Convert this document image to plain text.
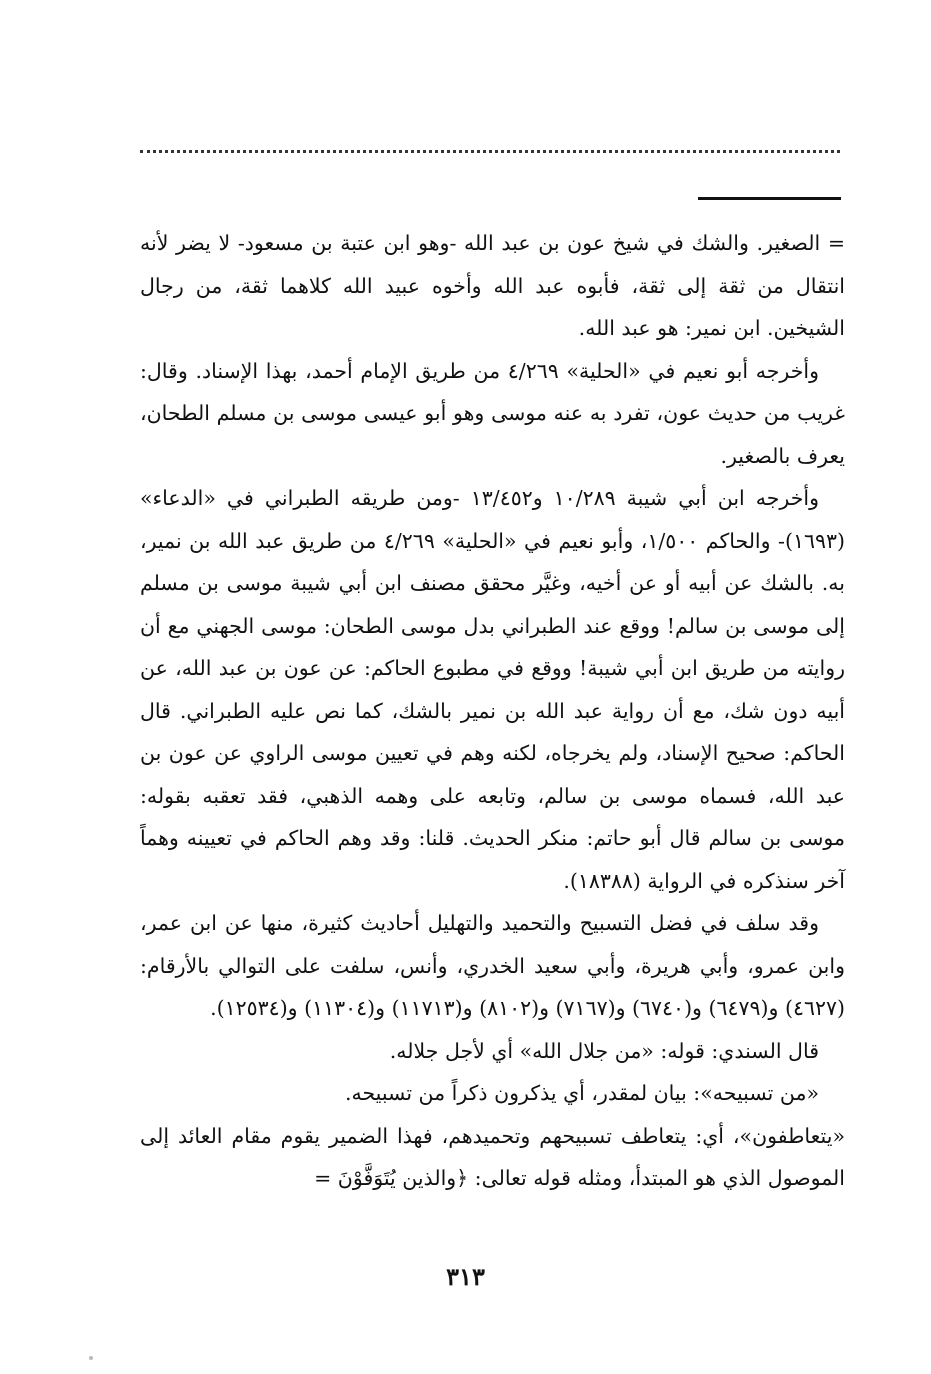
= الصغير. والشك في شيخ عون بن عبد الله -وهو ابن عتبة بن مسعود- لا يضر لأنه انتقال من ثقة إلى ثقة، فأبوه عبد الله وأخوه عبيد الله كلاهما ثقة، من رجال الشيخين. ابن نمير: هو عبد الله.

وأخرجه أبو نعيم في «الحلية» ٤/٢٦٩ من طريق الإمام أحمد، بهذا الإسناد. وقال: غريب من حديث عون، تفرد به عنه موسى وهو أبو عيسى موسى بن مسلم الطحان، يعرف بالصغير.

وأخرجه ابن أبي شيبة ١٠/٢٨٩ و١٣/٤٥٢ -ومن طريقه الطبراني في «الدعاء» (١٦٩٣)- والحاكم ١/٥٠٠، وأبو نعيم في «الحلية» ٤/٢٦٩ من طريق عبد الله بن نمير، به. بالشك عن أبيه أو عن أخيه، وغيَّر محقق مصنف ابن أبي شيبة موسى بن مسلم إلى موسى بن سالم! ووقع عند الطبراني بدل موسى الطحان: موسى الجهني مع أن روايته من طريق ابن أبي شيبة! ووقع في مطبوع الحاكم: عن عون بن عبد الله، عن أبيه دون شك، مع أن رواية عبد الله بن نمير بالشك، كما نص عليه الطبراني. قال الحاكم: صحيح الإسناد، ولم يخرجاه، لكنه وهم في تعيين موسى الراوي عن عون بن عبد الله، فسماه موسى بن سالم، وتابعه على وهمه الذهبي، فقد تعقبه بقوله: موسى بن سالم قال أبو حاتم: منكر الحديث. قلنا: وقد وهم الحاكم في تعيينه وهماً آخر سنذكره في الرواية (١٨٣٨٨).

وقد سلف في فضل التسبيح والتحميد والتهليل أحاديث كثيرة، منها عن ابن عمر، وابن عمرو، وأبي هريرة، وأبي سعيد الخدري، وأنس، سلفت على التوالي بالأرقام: (٤٦٢٧) و(٦٤٧٩) و(٦٧٤٠) و(٧١٦٧) و(٨١٠٢) و(١١٧١٣) و(١١٣٠٤) و(١٢٥٣٤).

قال السندي: قوله: «من جلال الله» أي لأجل جلاله.

«من تسبيحه»: بيان لمقدر، أي يذكرون ذكراً من تسبيحه.

«يتعاطفون»، أي: يتعاطف تسبيحهم وتحميدهم، فهذا الضمير يقوم مقام العائد إلى الموصول الذي هو المبتدأ، ومثله قوله تعالى: ﴿والذين يُتَوَفَّوْنَ =

٣١٣
